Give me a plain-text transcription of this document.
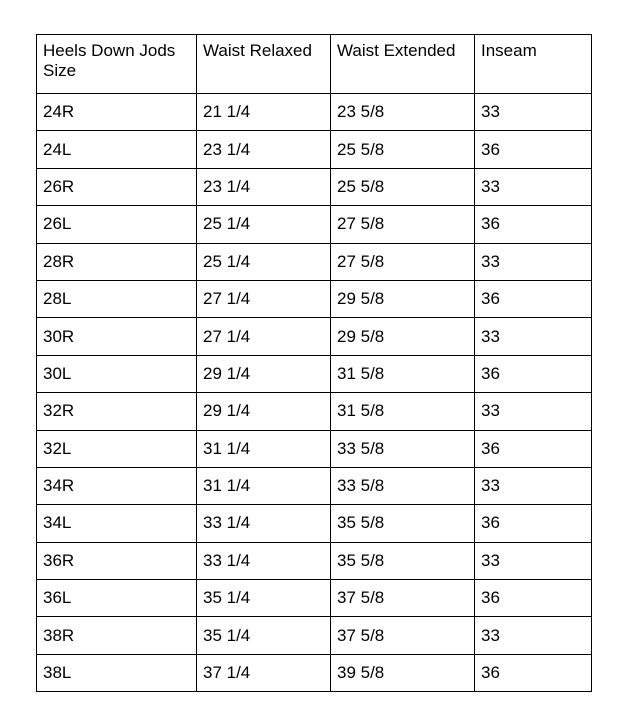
Heels Down Jods Size	Waist Relaxed	Waist Extended	Inseam
24R	21 1/4	23 5/8	33
24L	23 1/4	25 5/8	36
26R	23 1/4	25 5/8	33
26L	25 1/4	27 5/8	36
28R	25 1/4	27 5/8	33
28L	27 1/4	29 5/8	36
30R	27 1/4	29 5/8	33
30L	29 1/4	31 5/8	36
32R	29 1/4	31 5/8	33
32L	31 1/4	33 5/8	36
34R	31 1/4	33 5/8	33
34L	33 1/4	35 5/8	36
36R	33 1/4	35 5/8	33
36L	35 1/4	37 5/8	36
38R	35 1/4	37 5/8	33
38L	37 1/4	39 5/8	36
